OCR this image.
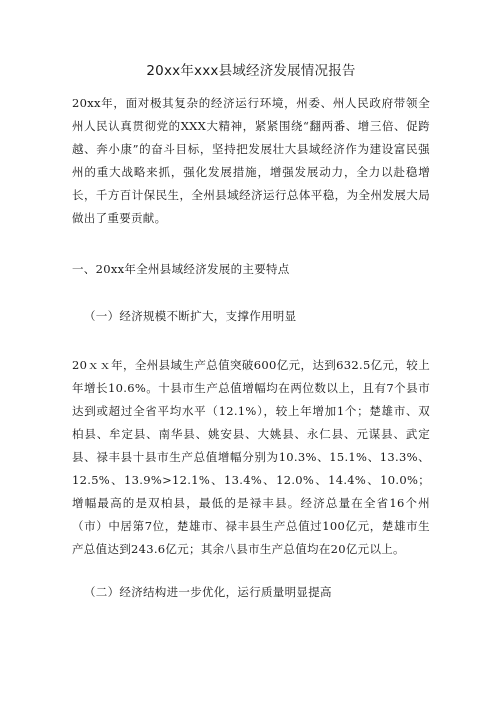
20xx年xxx县域经济发展情况报告

20xx年，面对极其复杂的经济运行环境，州委、州人民政府带领全州人民认真贯彻党的XXX大精神，紧紧围绕“翻两番、增三倍、促跨越、奔小康”的奋斗目标，坚持把发展壮大县域经济作为建设富民强州的重大战略来抓，强化发展措施，增强发展动力，全力以赴稳增长，千方百计保民生，全州县域经济运行总体平稳，为全州发展大局做出了重要贡献。

一、20xx年全州县域经济发展的主要特点

（一）经济规模不断扩大，支撑作用明显

20ｘｘ年，全州县域生产总值突破600亿元，达到632.5亿元，较上年增长10.6%。十县市生产总值增幅均在两位数以上，且有7个县市达到或超过全省平均水平（12.1%），较上年增加1个；楚雄市、双柏县、牟定县、南华县、姚安县、大姚县、永仁县、元谋县、武定县、禄丰县十县市生产总值增幅分别为10.3%、15.1%、13.3%、12.5%、13.9%>12.1%、13.4%、12.0%、14.4%、10.0%；增幅最高的是双柏县，最低的是禄丰县。经济总量在全省16个州（市）中居第7位，楚雄市、禄丰县生产总值过100亿元，楚雄市生产总值达到243.6亿元；其余八县市生产总值均在20亿元以上。

（二）经济结构进一步优化，运行质量明显提高
